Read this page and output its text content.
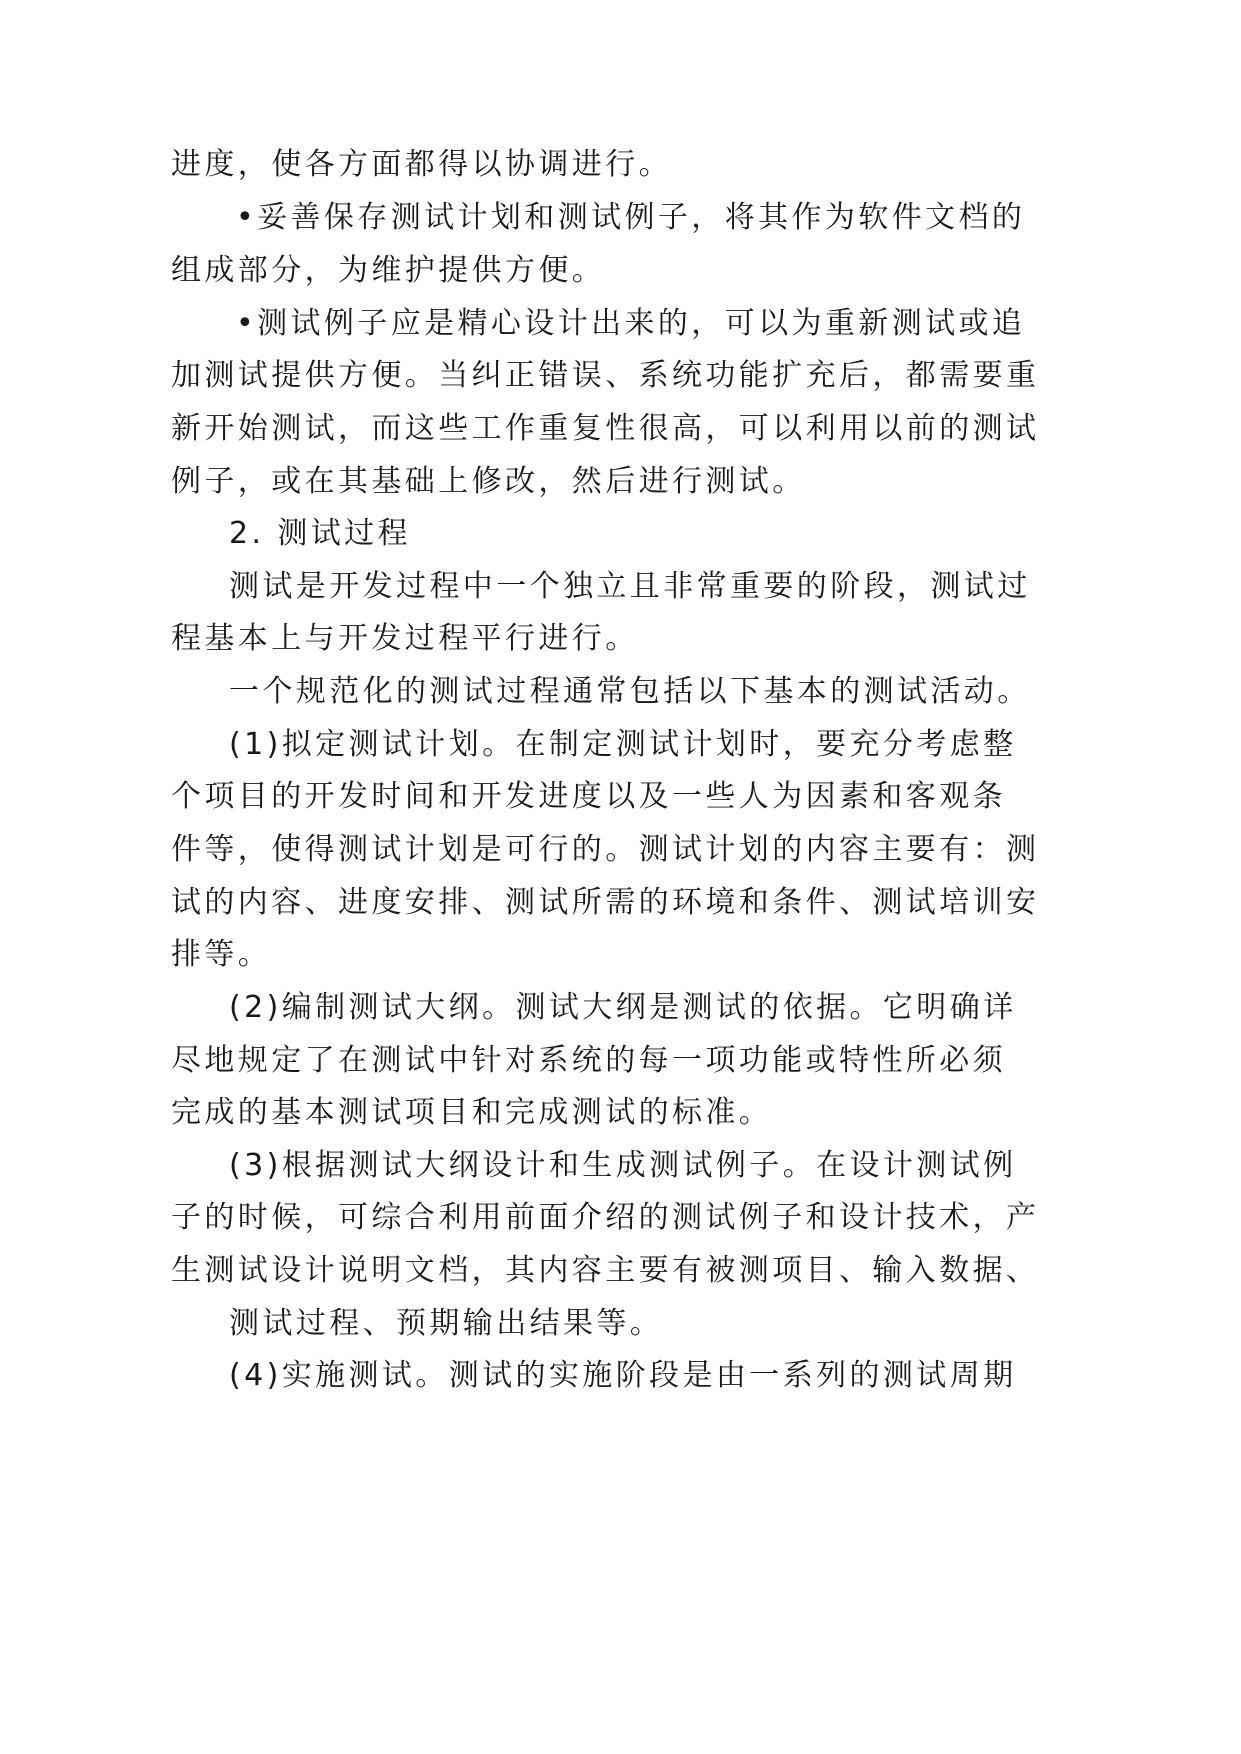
进度，使各方面都得以协调进行。

•妥善保存测试计划和测试例子，将其作为软件文档的

组成部分，为维护提供方便。

•测试例子应是精心设计出来的，可以为重新测试或追

加测试提供方便。当纠正错误、系统功能扩充后，都需要重

新开始测试，而这些工作重复性很高，可以利用以前的测试

例子，或在其基础上修改，然后进行测试。

2. 测试过程

测试是开发过程中一个独立且非常重要的阶段，测试过

程基本上与开发过程平行进行。

一个规范化的测试过程通常包括以下基本的测试活动。

(1)拟定测试计划。在制定测试计划时，要充分考虑整

个项目的开发时间和开发进度以及一些人为因素和客观条

件等，使得测试计划是可行的。测试计划的内容主要有：测

试的内容、进度安排、测试所需的环境和条件、测试培训安

排等。

(2)编制测试大纲。测试大纲是测试的依据。它明确详

尽地规定了在测试中针对系统的每一项功能或特性所必须

完成的基本测试项目和完成测试的标准。

(3)根据测试大纲设计和生成测试例子。在设计测试例

子的时候，可综合利用前面介绍的测试例子和设计技术，产

生测试设计说明文档，其内容主要有被测项目、输入数据、

测试过程、预期输出结果等。

(4)实施测试。测试的实施阶段是由一系列的测试周期
